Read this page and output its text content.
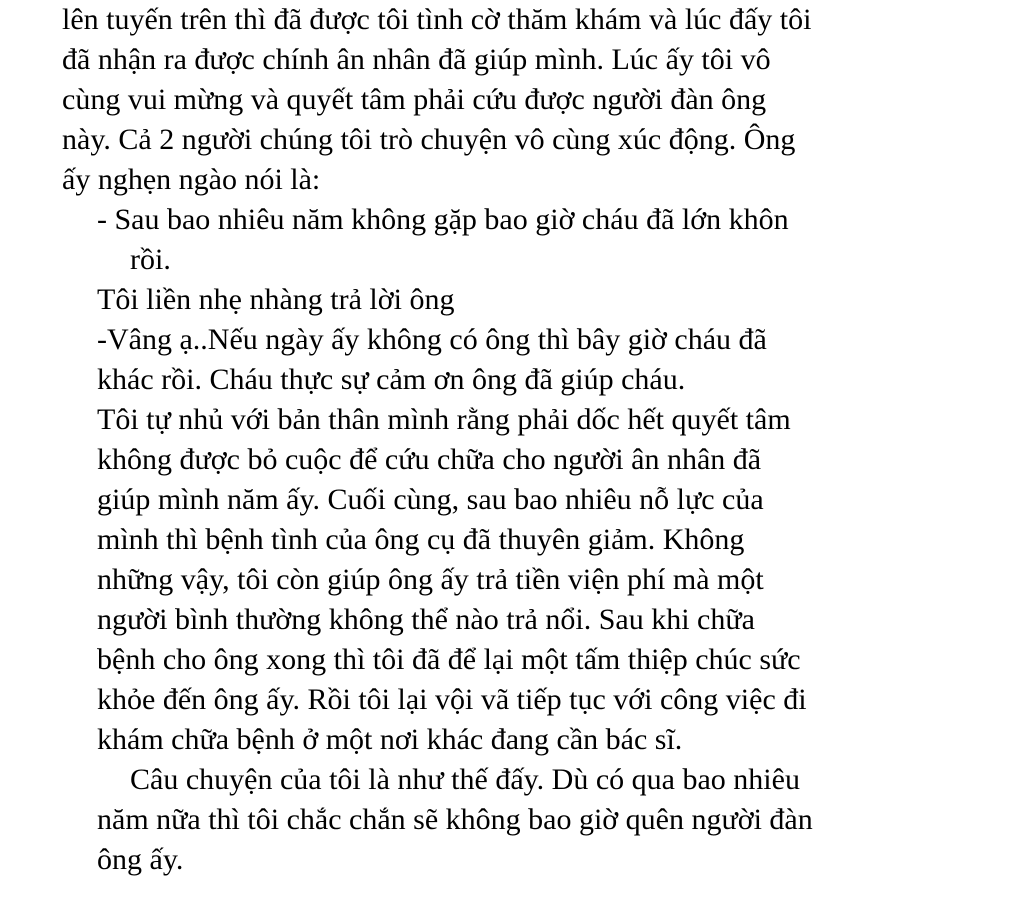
lên tuyến trên thì đã được tôi tình cờ thăm khám và lúc đấy tôi

đã nhận ra được chính ân nhân đã giúp mình. Lúc ấy tôi vô

cùng vui mừng và quyết tâm phải cứu được người đàn ông

này. Cả 2 người chúng tôi trò chuyện vô cùng xúc động. Ông

ấy nghẹn ngào nói là:

- Sau bao nhiêu năm không gặp bao giờ cháu đã lớn khôn

rồi.

Tôi liền nhẹ nhàng trả lời ông

-Vâng ạ..Nếu ngày ấy không có ông thì bây giờ cháu đã

khác rồi. Cháu thực sự cảm ơn ông đã giúp cháu.

Tôi tự nhủ với bản thân mình rằng phải dốc hết quyết tâm

không được bỏ cuộc để cứu chữa cho người ân nhân đã

giúp mình năm ấy. Cuối cùng, sau bao nhiêu nỗ lực của

mình thì bệnh tình của ông cụ đã thuyên giảm. Không

những vậy, tôi còn giúp ông ấy trả tiền viện phí mà một

người bình thường không thể nào trả nổi. Sau khi chữa

bệnh cho ông xong thì tôi đã để lại một tấm thiệp chúc sức

khỏe đến ông ấy. Rồi tôi lại vội vã tiếp tục với công việc đi

khám chữa bệnh ở một nơi khác đang cần bác sĩ.

Câu chuyện của tôi là như thế đấy. Dù có qua bao nhiêu

năm nữa thì tôi chắc chắn sẽ không bao giờ quên người đàn

ông ấy.
